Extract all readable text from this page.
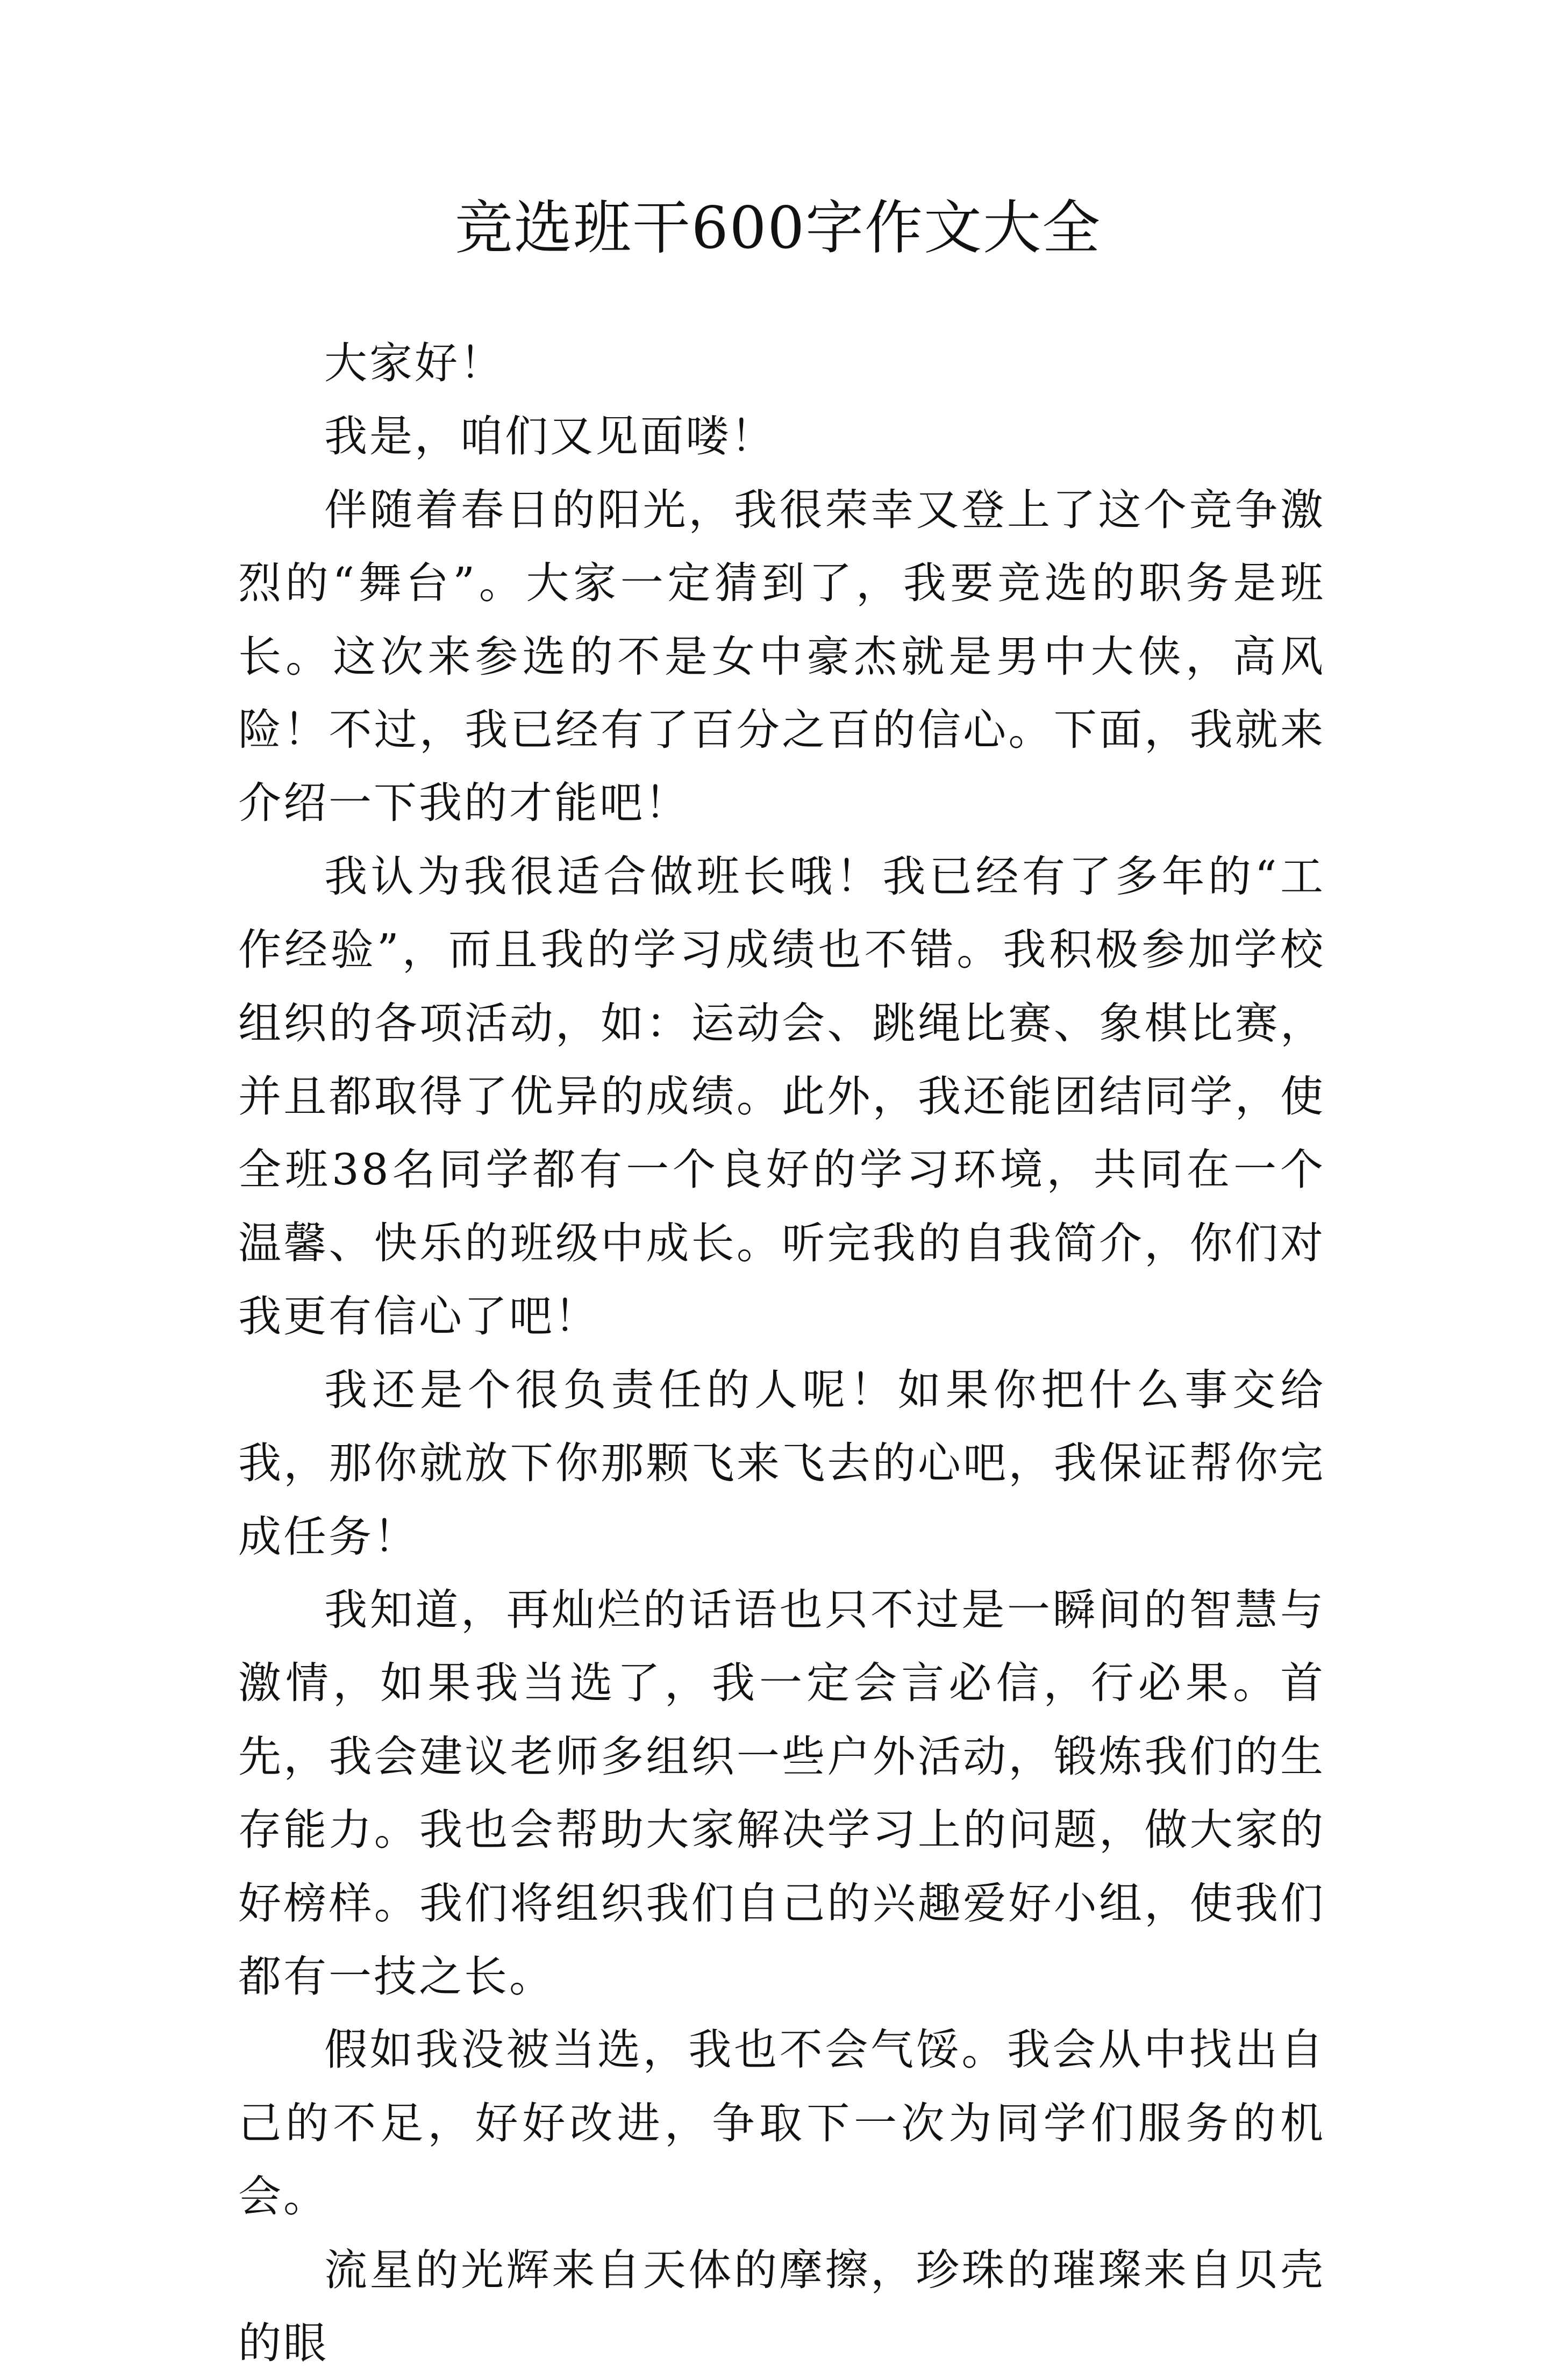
竞选班干600字作文大全

大家好！

我是，咱们又见面喽！

伴随着春日的阳光，我很荣幸又登上了这个竞争激烈的“舞台”。大家一定猜到了，我要竞选的职务是班长。这次来参选的不是女中豪杰就是男中大侠，高风险！不过，我已经有了百分之百的信心。下面，我就来介绍一下我的才能吧！

我认为我很适合做班长哦！我已经有了多年的“工作经验”，而且我的学习成绩也不错。我积极参加学校组织的各项活动，如：运动会、跳绳比赛、象棋比赛，并且都取得了优异的成绩。此外，我还能团结同学，使全班38名同学都有一个良好的学习环境，共同在一个温馨、快乐的班级中成长。听完我的自我简介，你们对我更有信心了吧！

我还是个很负责任的人呢！如果你把什么事交给我，那你就放下你那颗飞来飞去的心吧，我保证帮你完成任务！

我知道，再灿烂的话语也只不过是一瞬间的智慧与激情，如果我当选了，我一定会言必信，行必果。首先，我会建议老师多组织一些户外活动，锻炼我们的生存能力。我也会帮助大家解决学习上的问题，做大家的好榜样。我们将组织我们自己的兴趣爱好小组，使我们都有一技之长。

假如我没被当选，我也不会气馁。我会从中找出自己的不足，好好改进，争取下一次为同学们服务的机会。

流星的光辉来自天体的摩擦，珍珠的璀璨来自贝壳的眼
